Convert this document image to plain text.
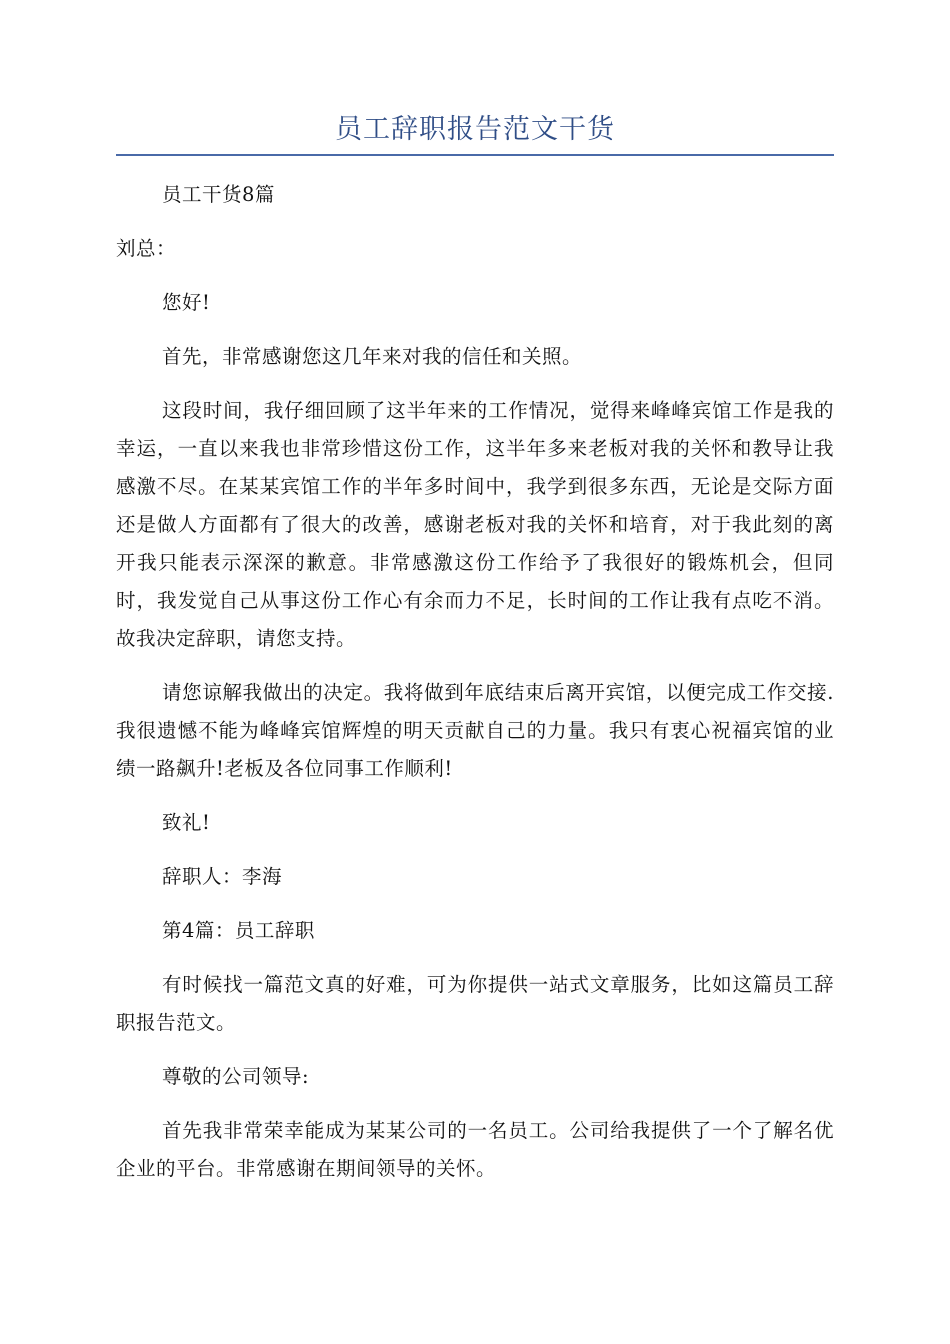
员工辞职报告范文干货

员工干货8篇

刘总：

您好!

首先，非常感谢您这几年来对我的信任和关照。

这段时间，我仔细回顾了这半年来的工作情况，觉得来峰峰宾馆工作是我的幸运，一直以来我也非常珍惜这份工作，这半年多来老板对我的关怀和教导让我感激不尽。在某某宾馆工作的半年多时间中，我学到很多东西，无论是交际方面还是做人方面都有了很大的改善，感谢老板对我的关怀和培育，对于我此刻的离开我只能表示深深的歉意。非常感激这份工作给予了我很好的锻炼机会，但同时，我发觉自己从事这份工作心有余而力不足，长时间的工作让我有点吃不消。故我决定辞职，请您支持。

请您谅解我做出的决定。我将做到年底结束后离开宾馆，以便完成工作交接.我很遗憾不能为峰峰宾馆辉煌的明天贡献自己的力量。我只有衷心祝福宾馆的业绩一路飙升!老板及各位同事工作顺利!

致礼!

辞职人：李海

第4篇：员工辞职

有时候找一篇范文真的好难，可为你提供一站式文章服务，比如这篇员工辞职报告范文。

尊敬的公司领导:

首先我非常荣幸能成为某某公司的一名员工。公司给我提供了一个了解名优企业的平台。非常感谢在期间领导的关怀。
